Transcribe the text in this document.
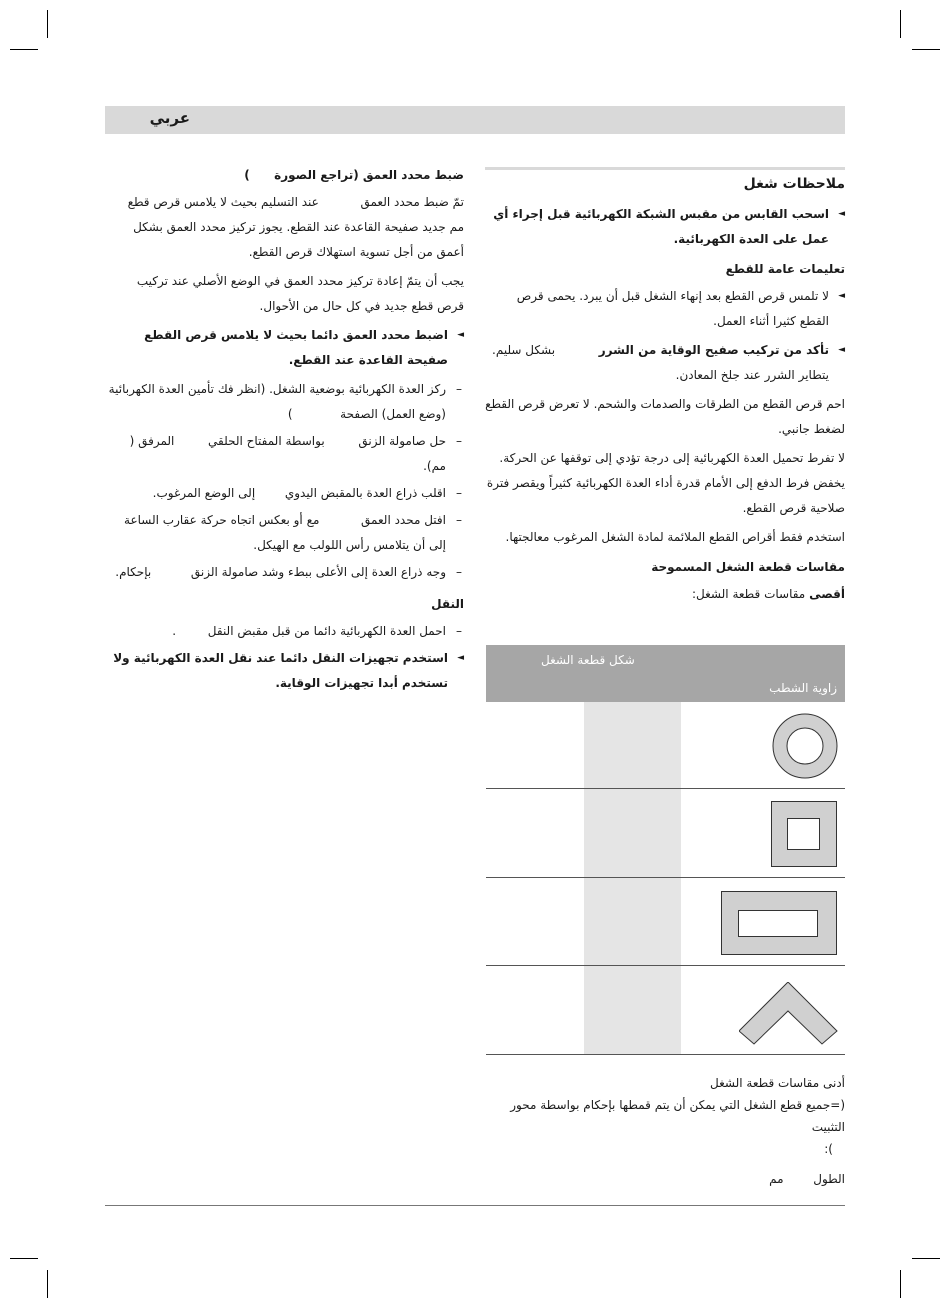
عربي
ملاحظات شغل

◄ اسحب القابس من مقبس الشبكة الكهربائية قبل إجراء أي عمل على العدة الكهربائية.

تعليمات عامة للقطع

◄ لا تلمس قرص القطع بعد إنهاء الشغل قبل أن يبرد. يحمى قرص القطع كثيرا أثناء العمل.

◄ تأكد من تركيب صفيح الوقاية من الشرر  بشكل سليم. يتطاير الشرر عند جلخ المعادن.

احم قرص القطع من الطرقات والصدمات والشحم. لا تعرض قرص القطع لضغط جانبي.

لا تفرط تحميل العدة الكهربائية إلى درجة تؤدي إلى توقفها عن الحركة. يخفض فرط الدفع إلى الأمام قدرة أداء العدة الكهربائية كثيراً ويقصر فترة صلاحية قرص القطع.

استخدم فقط أقراص القطع الملائمة لمادة الشغل المرغوب معالجتها.

مقاسات قطعة الشغل المسموحة

أقصى مقاسات قطعة الشغل:

شكل قطعة الشغل
زاوية الشطب

أدنى مقاسات قطعة الشغل

(=جميع قطع الشغل التي يمكن أن يتم قمطها بإحكام بواسطة محور التثبيت

):

الطول  مم

ضبط محدد العمق (تراجع الصورة  )

تمّ ضبط محدد العمق  عند التسليم بحيث لا يلامس قرص قطع

مم جديد صفيحة القاعدة عند القطع. يجوز تركيز محدد العمق بشكل أعمق من أجل تسوية استهلاك قرص القطع.

يجب أن يتمّ إعادة تركيز محدد العمق في الوضع الأصلي عند تركيب قرص قطع جديد في كل حال من الأحوال.

◄ اضبط محدد العمق دائما بحيث لا يلامس قرص القطع صفيحة القاعدة عند القطع.

– ركز العدة الكهربائية بوضعية الشغل. (انظر فك تأمين العدة الكهربائية
(وضع العمل) الصفحة  )

– حل صامولة الزنق  بواسطة المفتاح الحلقي  المرفق (  مم).

– اقلب ذراع العدة بالمقبض اليدوي  إلى الوضع المرغوب.

– افتل محدد العمق  مع أو بعكس اتجاه حركة عقارب الساعة إلى أن يتلامس رأس اللولب مع الهيكل.

– وجه ذراع العدة إلى الأعلى ببطء وشد صامولة الزنق  بإحكام.

النقل

– احمل العدة الكهربائية دائما من قبل مقبض النقل  .

◄ استخدم تجهيزات النقل دائما عند نقل العدة الكهربائية ولا تستخدم أبدا تجهيزات الوقاية.
